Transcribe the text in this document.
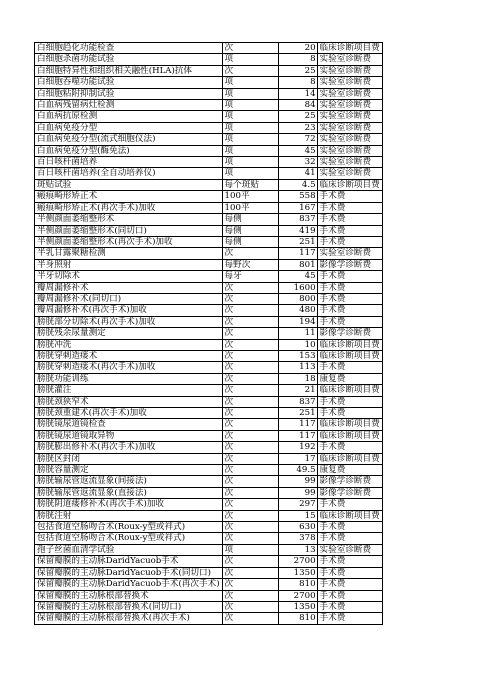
白细胞趋化功能检查	次	20	临床诊断项目费
白细胞杀菌功能试验	项	8	实验室诊断费
白细胞特异性和组织相关融性(HLA)抗体	次	25	实验室诊断费
白细胞吞噬功能试验	项	8	实验室诊断费
白细胞粘附抑制试验	项	14	实验室诊断费
白血病残留病灶检测	项	84	实验室诊断费
白血病抗原检测	项	25	实验室诊断费
白血病免疫分型	项	23	实验室诊断费
白血病免疫分型(流式细胞仪法)	项	72	实验室诊断费
白血病免疫分型(酶免法)	项	45	实验室诊断费
百日咳杆菌培养	项	32	实验室诊断费
百日咳杆菌培养(全自动培养仪)	项	41	实验室诊断费
斑贴试验	每个斑贴	4.5	临床诊断项目费
瘢痕畸形矫正术	100平	558	手术费
瘢痕畸形矫正术(再次手术)加收	100平	167	手术费
半侧颜面萎缩整形术	每侧	837	手术费
半侧颜面萎缩整形术(同切口)	每侧	419	手术费
半侧颜面萎缩整形术(再次手术)加收	每侧	251	手术费
半乳甘露聚糖检测	次	117	实验室诊断费
半身照射	每野次	801	影像学诊断费
半牙切除术	每牙	45	手术费
瓣周漏修补术	次	1600	手术费
瓣周漏修补术(同切口)	次	800	手术费
瓣周漏修补术(再次手术)加收	次	480	手术费
膀胱部分切除术(再次手术)加收	次	194	手术费
膀胱残余尿量测定	次	11	影像学诊断费
膀胱冲洗	次	10	临床诊断项目费
膀胱穿刺造瘘术	次	153	临床诊断项目费
膀胱穿刺造瘘术(再次手术)加收	次	113	手术费
膀胱功能训练	次	18	康复费
膀胱灌注	次	21	临床诊断项目费
膀胱颈狭窄术	次	837	手术费
膀胱颈重建术(再次手术)加收	次	251	手术费
膀胱镜尿道镜检查	次	117	临床诊断项目费
膀胱镜尿道镜取异物	次	117	临床诊断项目费
膀胱膨出修补术(再次手术)加收	次	192	手术费
膀胱区封闭	次	17	临床诊断项目费
膀胱容量测定	次	49.5	康复费
膀胱输尿管返流显象(间接法)	次	99	影像学诊断费
膀胱输尿管返流显象(直接法)	次	99	影像学诊断费
膀胱阴道瘘修补术(再次手术)加收	次	297	手术费
膀胱注射	次	15	临床诊断项目费
包括食道空肠吻合术(Roux-y型或袢式)	次	630	手术费
包括食道空肠吻合术(Roux-y型或袢式)	次	378	手术费
孢子丝菌血清学试验	项	13	实验室诊断费
保留瓣膜的主动脉DaridYacuob手术	次	2700	手术费
保留瓣膜的主动脉DaridYacuob手术(同切口)	次	1350	手术费
保留瓣膜的主动脉DaridYacuob手术(再次手术)	次	810	手术费
保留瓣膜的主动脉根部替换术	次	2700	手术费
保留瓣膜的主动脉根部替换术(同切口)	次	1350	手术费
保留瓣膜的主动脉根部替换术(再次手术)	次	810	手术费
